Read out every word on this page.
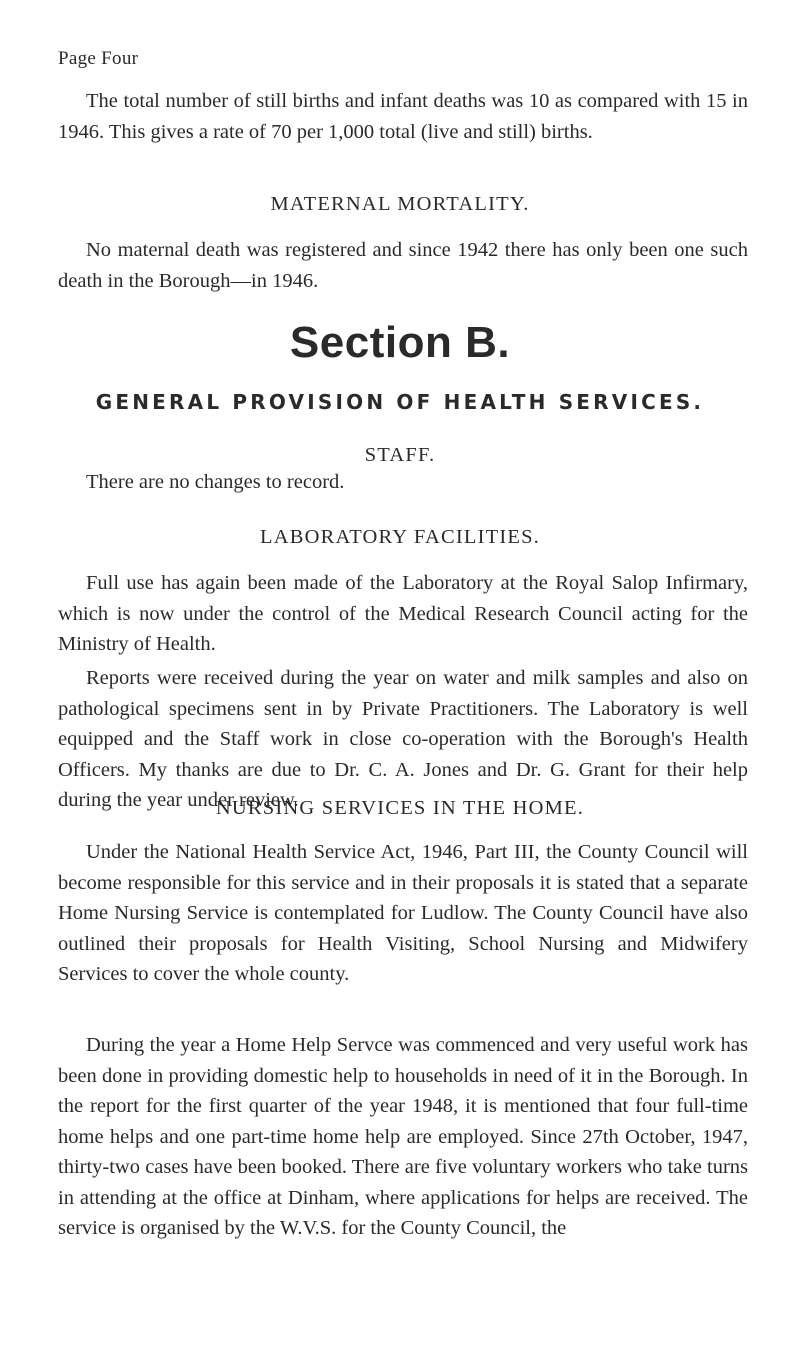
Page Four

The total number of still births and infant deaths was 10 as compared with 15 in 1946. This gives a rate of 70 per 1,000 total (live and still) births.

MATERNAL MORTALITY.

No maternal death was registered and since 1942 there has only been one such death in the Borough—in 1946.

Section B.
GENERAL PROVISION OF HEALTH SERVICES.
STAFF.

There are no changes to record.

LABORATORY FACILITIES.

Full use has again been made of the Laboratory at the Royal Salop Infirmary, which is now under the control of the Medical Research Council acting for the Ministry of Health.

Reports were received during the year on water and milk samples and also on pathological specimens sent in by Private Practitioners. The Laboratory is well equipped and the Staff work in close co-operation with the Borough's Health Officers. My thanks are due to Dr. C. A. Jones and Dr. G. Grant for their help during the year under review.

NURSING SERVICES IN THE HOME.

Under the National Health Service Act, 1946, Part III, the County Council will become responsible for this service and in their proposals it is stated that a separate Home Nursing Service is contemplated for Ludlow. The County Council have also outlined their proposals for Health Visiting, School Nursing and Midwifery Services to cover the whole county.

During the year a Home Help Servce was commenced and very useful work has been done in providing domestic help to households in need of it in the Borough. In the report for the first quarter of the year 1948, it is mentioned that four full-time home helps and one part-time home help are employed. Since 27th October, 1947, thirty-two cases have been booked. There are five voluntary workers who take turns in attending at the office at Dinham, where applications for helps are received. The service is organised by the W.V.S. for the County Council, the
